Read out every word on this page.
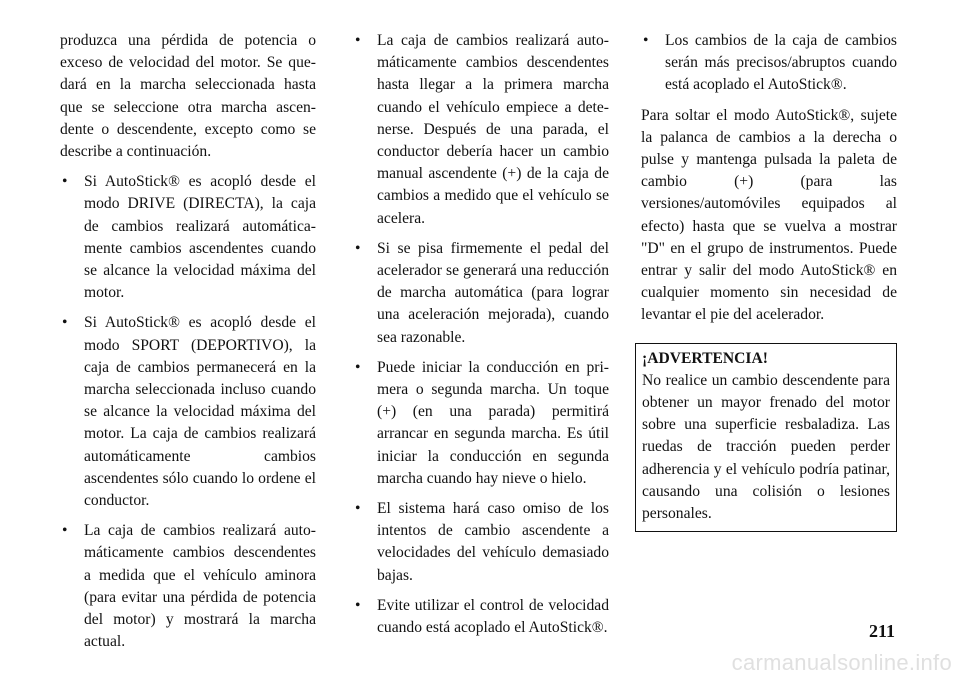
produzca una pérdida de potencia o exceso de velocidad del motor. Se quedará en la marcha seleccionada hasta que se seleccione otra marcha ascendente o descendente, excepto como se describe a continuación.

• Si AutoStick® es acopló desde el modo DRIVE (DIRECTA), la caja de cambios realizará automáticamente cambios ascendentes cuando se alcance la velocidad máxima del motor.
• Si AutoStick® es acopló desde el modo SPORT (DEPORTIVO), la caja de cambios permanecerá en la marcha seleccionada incluso cuando se alcance la velocidad máxima del motor. La caja de cambios realizará automáticamente cambios ascendentes sólo cuando lo ordene el conductor.
• La caja de cambios realizará automáticamente cambios descendentes a medida que el vehículo aminora (para evitar una pérdida de potencia del motor) y mostrará la marcha actual.
• La caja de cambios realizará automáticamente cambios descendentes hasta llegar a la primera marcha cuando el vehículo empiece a detenerse. Después de una parada, el conductor debería hacer un cambio manual ascendente (+) de la caja de cambios a medido que el vehículo se acelera.
• Si se pisa firmemente el pedal del acelerador se generará una reducción de marcha automática (para lograr una aceleración mejorada), cuando sea razonable.
• Puede iniciar la conducción en primera o segunda marcha. Un toque (+) (en una parada) permitirá arrancar en segunda marcha. Es útil iniciar la conducción en segunda marcha cuando hay nieve o hielo.
• El sistema hará caso omiso de los intentos de cambio ascendente a velocidades del vehículo demasiado bajas.
• Evite utilizar el control de velocidad cuando está acoplado el AutoStick®.
• Los cambios de la caja de cambios serán más precisos/abruptos cuando está acoplado el AutoStick®.

Para soltar el modo AutoStick®, sujete la palanca de cambios a la derecha o pulse y mantenga pulsada la paleta de cambio (+) (para las versiones/automóviles equipados al efecto) hasta que se vuelva a mostrar "D" en el grupo de instrumentos. Puede entrar y salir del modo AutoStick® en cualquier momento sin necesidad de levantar el pie del acelerador.

¡ADVERTENCIA!

No realice un cambio descendente para obtener un mayor frenado del motor sobre una superficie resbaladiza. Las ruedas de tracción pueden perder adherencia y el vehículo podría patinar, causando una colisión o lesiones personales.

211
carmanualsonline.info
